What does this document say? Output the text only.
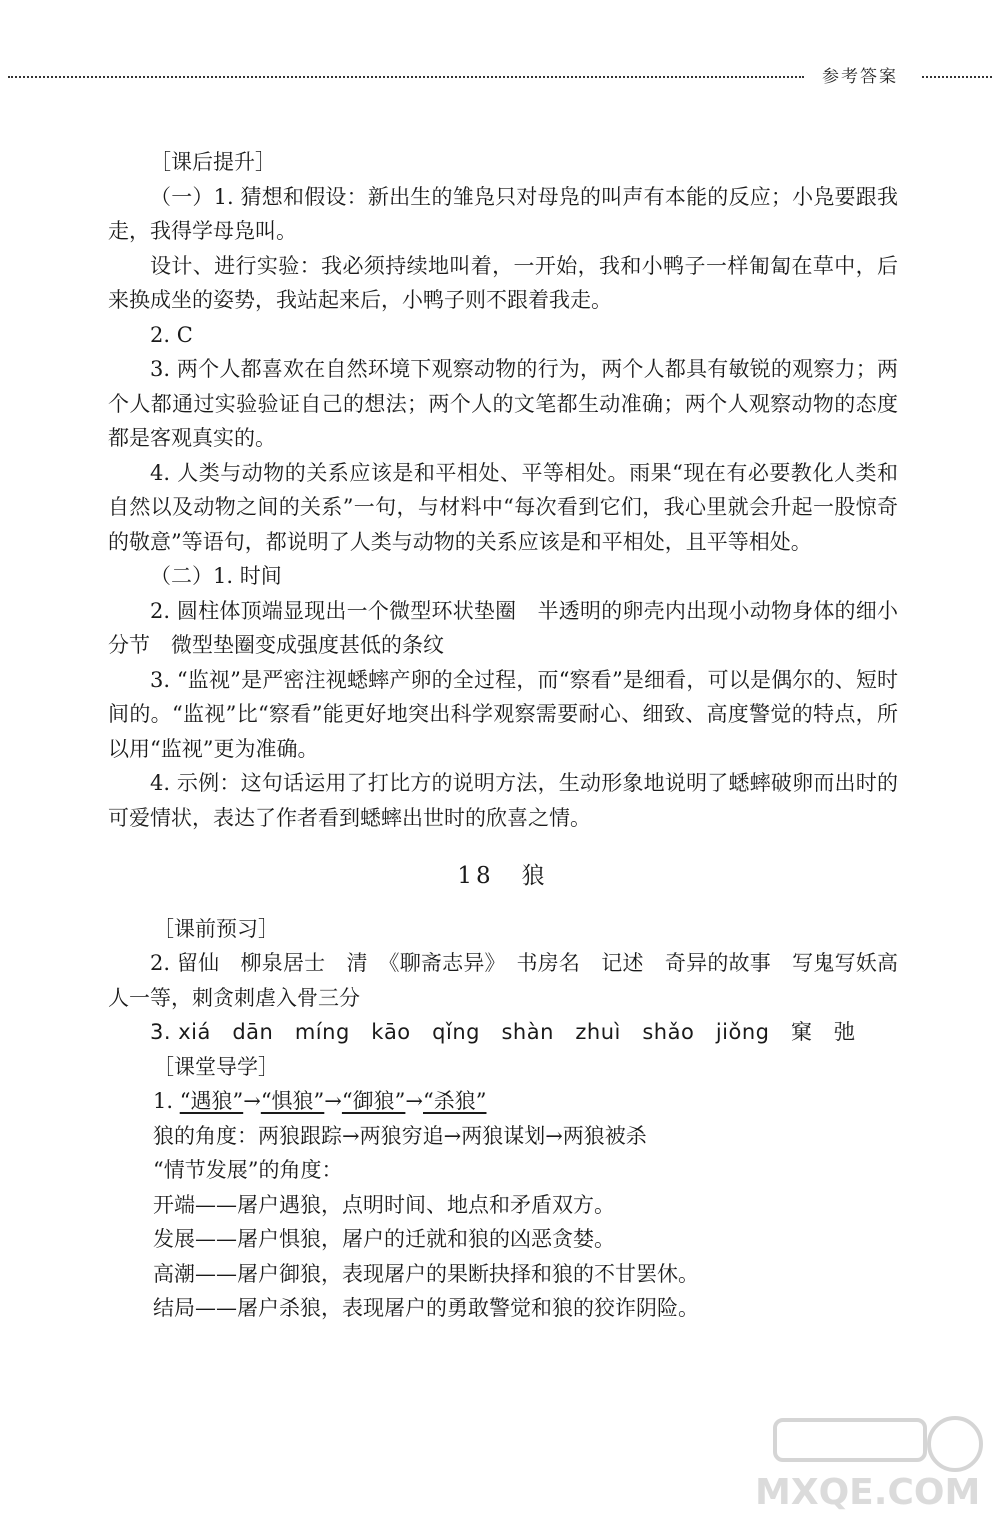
参考答案

［课后提升］

（一）1. 猜想和假设：新出生的雏凫只对母凫的叫声有本能的反应；小凫要跟我走，我得学母凫叫。

设计、进行实验：我必须持续地叫着，一开始，我和小鸭子一样匍匐在草中，后来换成坐的姿势，我站起来后，小鸭子则不跟着我走。

2. C

3. 两个人都喜欢在自然环境下观察动物的行为，两个人都具有敏锐的观察力；两个人都通过实验验证自己的想法；两个人的文笔都生动准确；两个人观察动物的态度都是客观真实的。

4. 人类与动物的关系应该是和平相处、平等相处。雨果“现在有必要教化人类和自然以及动物之间的关系”一句，与材料中“每次看到它们，我心里就会升起一股惊奇的敬意”等语句，都说明了人类与动物的关系应该是和平相处，且平等相处。

（二）1. 时间

2. 圆柱体顶端显现出一个微型环状垫圈　半透明的卵壳内出现小动物身体的细小分节　微型垫圈变成强度甚低的条纹

3. “监视”是严密注视蟋蟀产卵的全过程，而“察看”是细看，可以是偶尔的、短时间的。“监视”比“察看”能更好地突出科学观察需要耐心、细致、高度警觉的特点，所以用“监视”更为准确。

4. 示例：这句话运用了打比方的说明方法，生动形象地说明了蟋蟀破卵而出时的可爱情状，表达了作者看到蟋蟀出世时的欣喜之情。

18　狼

［课前预习］

2. 留仙　柳泉居士　清　《聊斋志异》　书房名　记述　奇异的故事　写鬼写妖高人一等，刺贪刺虐入骨三分

3. xiá　dān　míng　kāo　qǐng　shàn　zhuì　shǎo　jiǒng　窠　弛

［课堂导学］

1. “遇狼”→“惧狼”→“御狼”→“杀狼”

狼的角度：两狼跟踪→两狼穷追→两狼谋划→两狼被杀

“情节发展”的角度：

开端——屠户遇狼，点明时间、地点和矛盾双方。

发展——屠户惧狼，屠户的迁就和狼的凶恶贪婪。

高潮——屠户御狼，表现屠户的果断抉择和狼的不甘罢休。

结局——屠户杀狼，表现屠户的勇敢警觉和狼的狡诈阴险。

MXQE.COM
